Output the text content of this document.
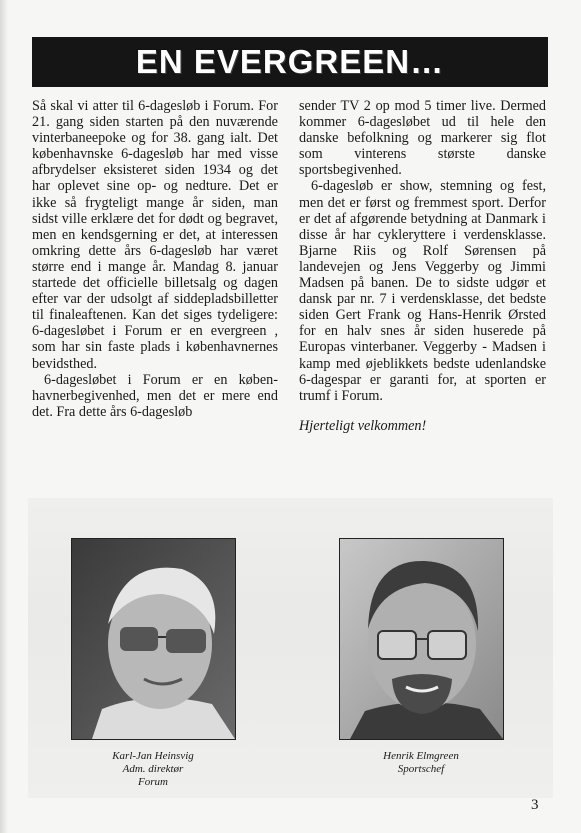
EN EVERGREEN…

Så skal vi atter til 6-dagesløb i Forum. For 21. gang siden starten på den nuværende vinterbaneepoke og for 38. gang ialt. Det københavnske 6-dagesløb har med visse afbrydelser eksisteret siden 1934 og det har oplevet sine op- og nedture. Det er ikke så frygteligt mange år siden, man sidst ville erklære det for dødt og begravet, men en kendsgerning er det, at interessen omkring dette års 6-dagesløb har været større end i mange år. Mandag 8. januar startede det officielle billetsalg og dagen efter var der udsolgt af siddepladsbilletter til finaleaftenen. Kan det siges tydeligere: 6-dagesløbet i Forum er en evergreen , som har sin faste plads i københavnernes bevidsthed.

6-dagesløbet i Forum er en københavnerbegivenhed, men det er mere end det. Fra dette års 6-dagesløb

sender TV 2 op mod 5 timer live. Dermed kommer 6-dagesløbet ud til hele den danske befolkning og markerer sig flot som vinterens største danske sportsbegivenhed.

6-dagesløb er show, stemning og fest, men det er først og fremmest sport. Derfor er det af afgørende betydning at Danmark i disse år har cykleryttere i verdensklasse. Bjarne Riis og Rolf Sørensen på landevejen og Jens Veggerby og Jimmi Madsen på banen. De to sidste udgør et dansk par nr. 7 i verdensklasse, det bedste siden Gert Frank og Hans-Henrik Ørsted for en halv snes år siden huserede på Europas vinterbaner. Veggerby - Madsen i kamp med øjeblikkets bedste udenlandske 6-dagespar er garanti for, at sporten er trumf i Forum.

Hjerteligt velkommen!

Karl-Jan Heinsvig
Adm. direktør
Forum
Henrik Elmgreen
Sportschef
3
